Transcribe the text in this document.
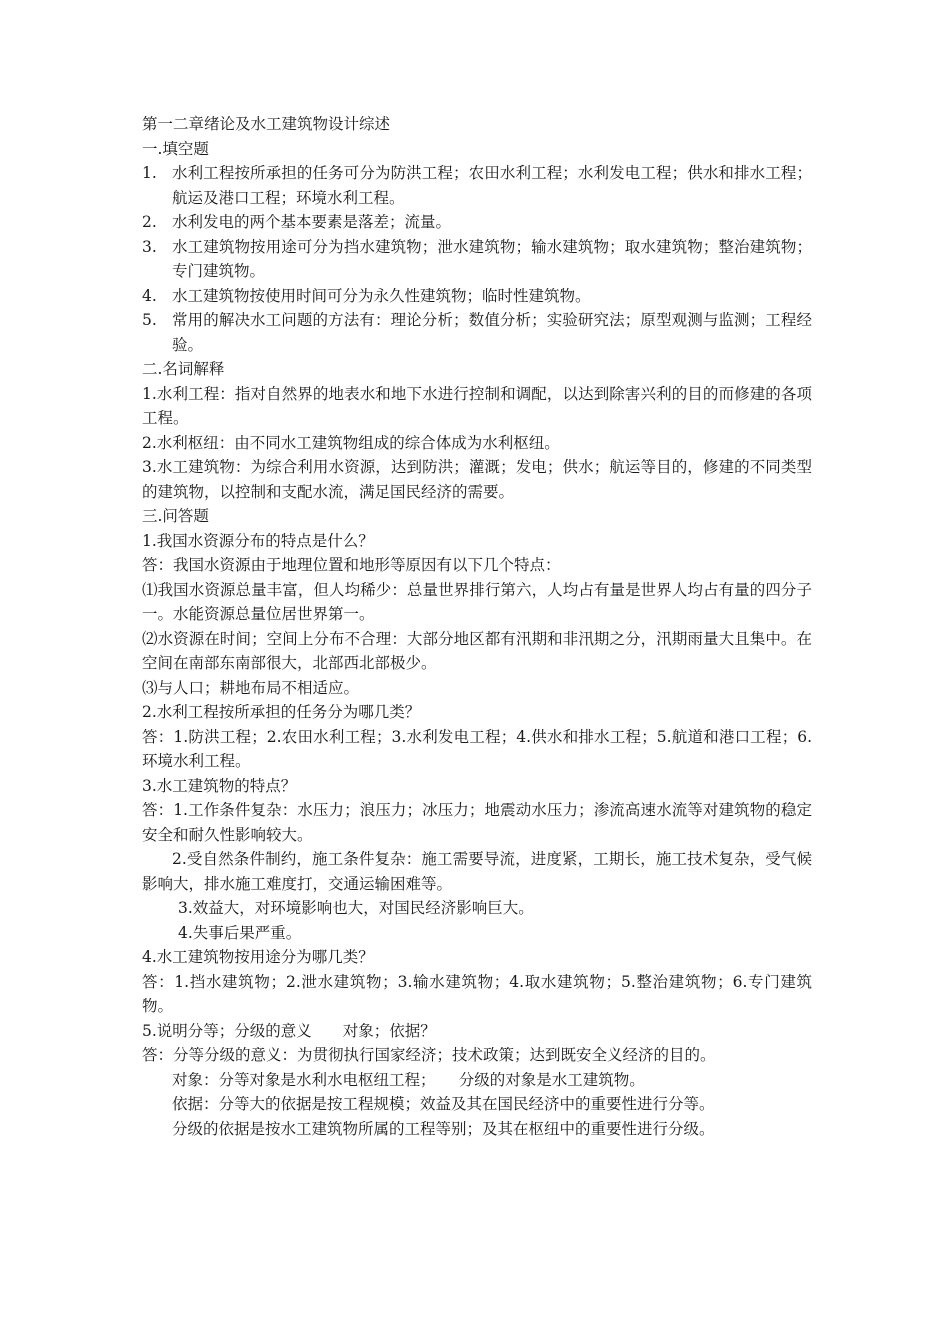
第一二章绪论及水工建筑物设计综述

一.填空题

1. 水利工程按所承担的任务可分为防洪工程；农田水利工程；水利发电工程；供水和排水工程；航运及港口工程；环境水利工程。
2. 水利发电的两个基本要素是落差；流量。
3. 水工建筑物按用途可分为挡水建筑物；泄水建筑物；输水建筑物；取水建筑物；整治建筑物；专门建筑物。
4. 水工建筑物按使用时间可分为永久性建筑物；临时性建筑物。
5. 常用的解决水工问题的方法有：理论分析；数值分析；实验研究法；原型观测与监测；工程经验。

二.名词解释

1.水利工程：指对自然界的地表水和地下水进行控制和调配，以达到除害兴利的目的而修建的各项工程。

2.水利枢纽：由不同水工建筑物组成的综合体成为水利枢纽。

3.水工建筑物：为综合利用水资源，达到防洪；灌溉；发电；供水；航运等目的，修建的不同类型的建筑物，以控制和支配水流，满足国民经济的需要。

三.问答题

1.我国水资源分布的特点是什么？

答：我国水资源由于地理位置和地形等原因有以下几个特点：

⑴我国水资源总量丰富，但人均稀少：总量世界排行第六，人均占有量是世界人均占有量的四分子一。水能资源总量位居世界第一。

⑵水资源在时间；空间上分布不合理：大部分地区都有汛期和非汛期之分，汛期雨量大且集中。在空间在南部东南部很大，北部西北部极少。

⑶与人口；耕地布局不相适应。

2.水利工程按所承担的任务分为哪几类？

答：1.防洪工程；2.农田水利工程；3.水利发电工程；4.供水和排水工程；5.航道和港口工程；6.环境水利工程。

3.水工建筑物的特点？

答：1.工作条件复杂：水压力；浪压力；冰压力；地震动水压力；渗流高速水流等对建筑物的稳定安全和耐久性影响较大。

2.受自然条件制约，施工条件复杂：施工需要导流，进度紧，工期长，施工技术复杂，受气候影响大，排水施工难度打，交通运输困难等。

3.效益大，对环境影响也大，对国民经济影响巨大。

4.失事后果严重。

4.水工建筑物按用途分为哪几类？

答：1.挡水建筑物；2.泄水建筑物；3.输水建筑物；4.取水建筑物；5.整治建筑物；6.专门建筑物。

5.说明分等；分级的意义　　对象；依据？

答：分等分级的意义：为贯彻执行国家经济；技术政策；达到既安全义经济的目的。

对象：分等对象是水利水电枢纽工程；　　分级的对象是水工建筑物。

依据：分等大的依据是按工程规模；效益及其在国民经济中的重要性进行分等。

分级的依据是按水工建筑物所属的工程等别；及其在枢纽中的重要性进行分级。
